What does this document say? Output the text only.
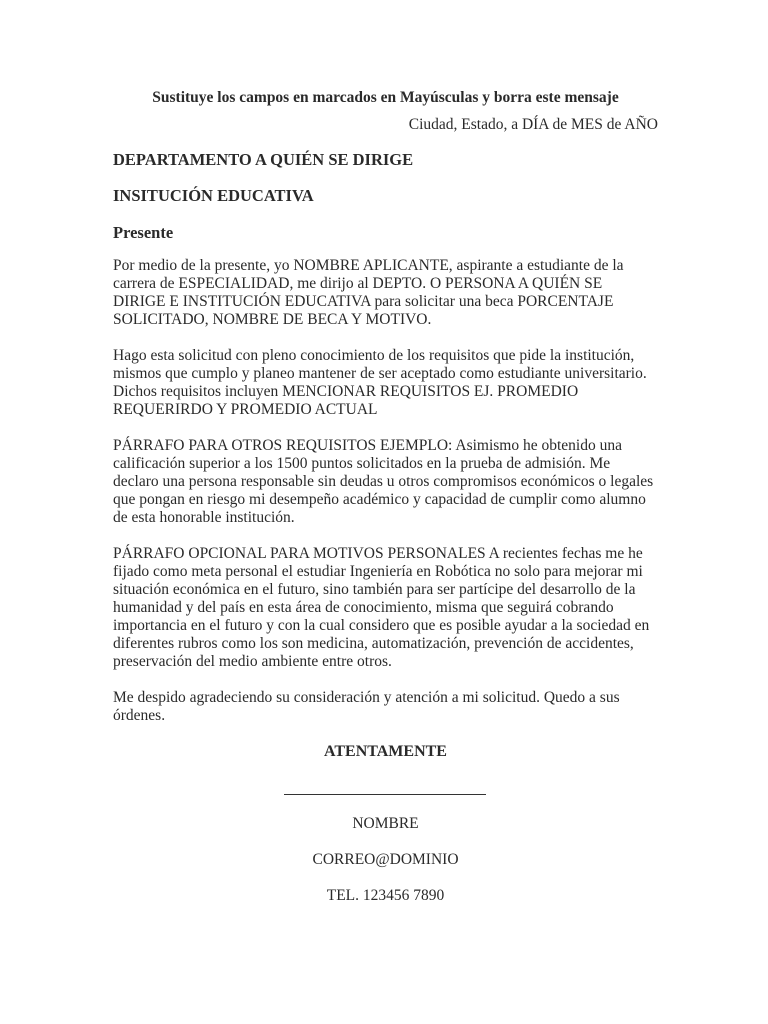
Sustituye los campos en marcados en Mayúsculas y borra este mensaje
Ciudad, Estado, a DÍA de MES de AÑO
DEPARTAMENTO A QUIÉN SE DIRIGE
INSITUCIÓN EDUCATIVA
Presente

Por medio de la presente, yo NOMBRE APLICANTE, aspirante a estudiante de la carrera de ESPECIALIDAD, me dirijo al DEPTO. O PERSONA A QUIÉN SE DIRIGE E INSTITUCIÓN EDUCATIVA para solicitar una beca PORCENTAJE SOLICITADO, NOMBRE DE BECA Y MOTIVO.

Hago esta solicitud con pleno conocimiento de los requisitos que pide la institución, mismos que cumplo y planeo mantener de ser aceptado como estudiante universitario. Dichos requisitos incluyen MENCIONAR REQUISITOS EJ. PROMEDIO REQUERIRDO Y PROMEDIO ACTUAL

PÁRRAFO PARA OTROS REQUISITOS EJEMPLO: Asimismo he obtenido una calificación superior a los 1500 puntos solicitados en la prueba de admisión. Me declaro una persona responsable sin deudas u otros compromisos económicos o legales que pongan en riesgo mi desempeño académico y capacidad de cumplir como alumno de esta honorable institución.

PÁRRAFO OPCIONAL PARA MOTIVOS PERSONALES A recientes fechas me he fijado como meta personal el estudiar Ingeniería en Robótica no solo para mejorar mi situación económica en el futuro, sino también para ser partícipe del desarrollo de la humanidad y del país en esta área de conocimiento, misma que seguirá cobrando importancia en el futuro y con la cual considero que es posible ayudar a la sociedad en diferentes rubros como los son medicina, automatización, prevención de accidentes, preservación del medio ambiente entre otros.

Me despido agradeciendo su consideración y atención a mi solicitud. Quedo a sus órdenes.

ATENTAMENTE
NOMBRE
CORREO@DOMINIO
TEL. 123456 7890
